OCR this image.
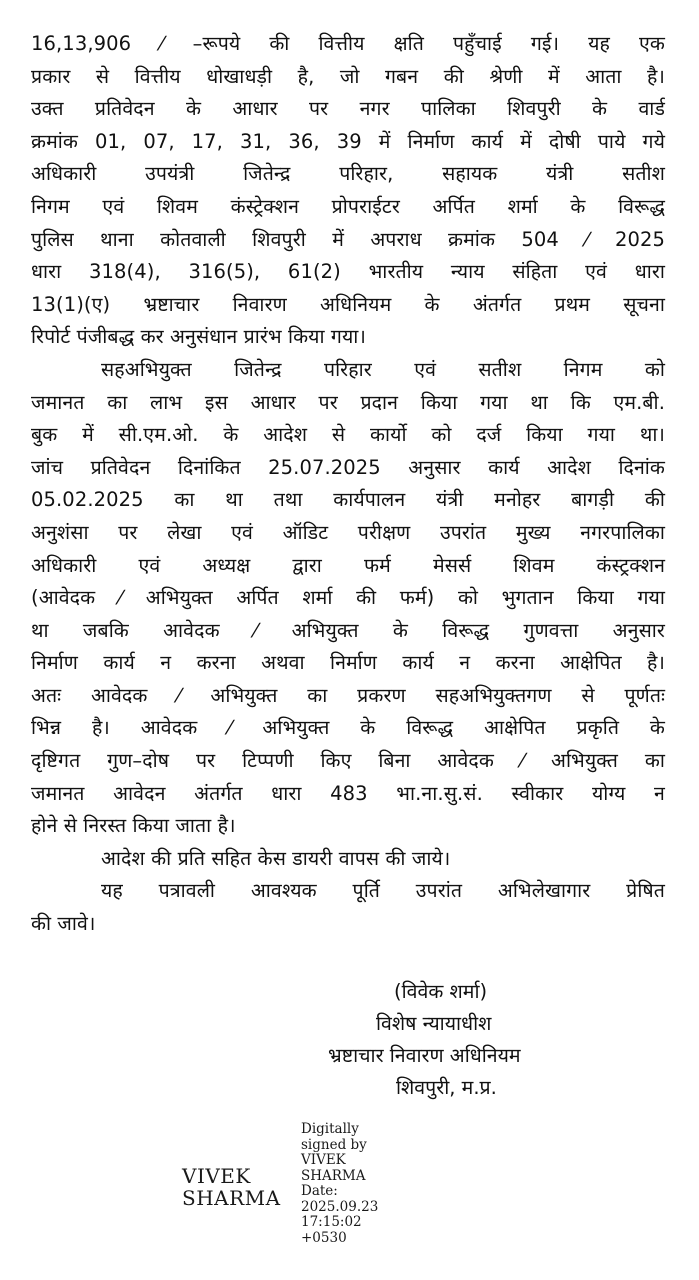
16,13,906 ⁄ –रूपये की वित्तीय क्षति पहुँचाई गई। यह एक
प्रकार से वित्तीय धोखाधड़ी है, जो गबन की श्रेणी में आता है।
उक्त प्रतिवेदन के आधार पर नगर पालिका शिवपुरी के वार्ड
क्रमांक 01, 07, 17, 31, 36, 39 में निर्माण कार्य में दोषी पाये गये
अधिकारी उपयंत्री जितेन्द्र परिहार, सहायक यंत्री सतीश
निगम एवं शिवम कंस्ट्रेक्शन प्रोपराईटर अर्पित शर्मा के विरूद्ध
पुलिस थाना कोतवाली शिवपुरी में अपराध क्रमांक 504 ⁄ 2025
धारा 318(4), 316(5), 61(2) भारतीय न्याय संहिता एवं धारा
13(1)(ए) भ्रष्टाचार निवारण अधिनियम के अंतर्गत प्रथम सूचना
रिपोर्ट पंजीबद्ध कर अनुसंधान प्रारंभ किया गया।
सहअभियुक्त जितेन्द्र परिहार एवं सतीश निगम को
जमानत का लाभ इस आधार पर प्रदान किया गया था कि एम.बी.
बुक में सी.एम.ओ. के आदेश से कार्यो को दर्ज किया गया था।
जांच प्रतिवेदन दिनांकित 25.07.2025 अनुसार कार्य आदेश दिनांक
05.02.2025 का था तथा कार्यपालन यंत्री मनोहर बागड़ी की
अनुशंसा पर लेखा एवं ऑडिट परीक्षण उपरांत मुख्य नगरपालिका
अधिकारी एवं अध्यक्ष द्वारा फर्म मेसर्स शिवम कंस्ट्रक्शन
(आवेदक ⁄ अभियुक्त अर्पित शर्मा की फर्म) को भुगतान किया गया
था जबकि आवेदक ⁄ अभियुक्त के विरूद्ध गुणवत्ता अनुसार
निर्माण कार्य न करना अथवा निर्माण कार्य न करना आक्षेपित है।
अतः आवेदक ⁄ अभियुक्त का प्रकरण सहअभियुक्तगण से पूर्णतः
भिन्न है। आवेदक ⁄ अभियुक्त के विरूद्ध आक्षेपित प्रकृति के
दृष्टिगत गुण–दोष पर टिप्पणी किए बिना आवेदक ⁄ अभियुक्त का
जमानत आवेदन अंतर्गत धारा 483 भा.ना.सु.सं. स्वीकार योग्य न
होने से निरस्त किया जाता है।
आदेश की प्रति सहित केस डायरी वापस की जाये।
यह पत्रावली आवश्यक पूर्ति उपरांत अभिलेखागार प्रेषित
की जावे।
(विवेक शर्मा)
विशेष न्यायाधीश
भ्रष्टाचार निवारण अधिनियम
शिवपुरी, म.प्र.
VIVEK
SHARMA
Digitally
signed by
VIVEK
SHARMA
Date:
2025.09.23
17:15:02
+0530
